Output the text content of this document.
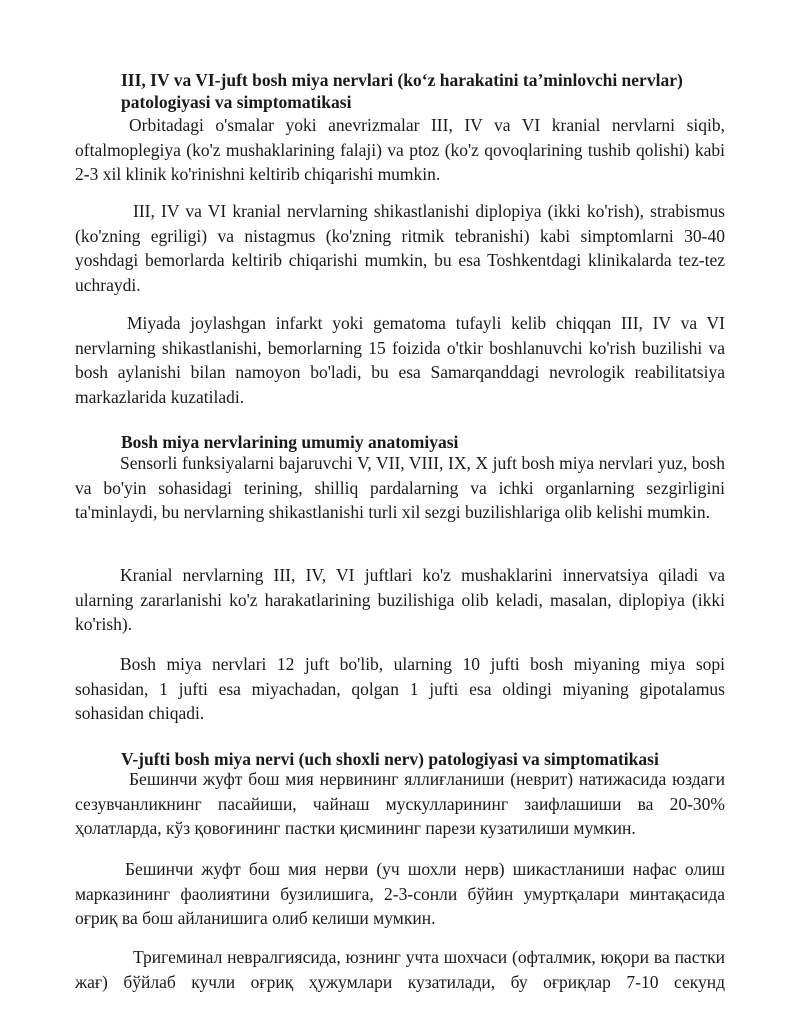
III, IV va VI-juft bosh miya nervlari (ko‘z harakatini ta’minlovchi nervlar) patologiyasi va simptomatikasi

Orbitadagi o'smalar yoki anevrizmalar III, IV va VI kranial nervlarni siqib, oftalmoplegiya (ko'z mushaklarining falaji) va ptoz (ko'z qovoqlarining tushib qolishi) kabi 2-3 xil klinik ko'rinishni keltirib chiqarishi mumkin.

III, IV va VI kranial nervlarning shikastlanishi diplopiya (ikki ko'rish), strabismus (ko'zning egriligi) va nistagmus (ko'zning ritmik tebranishi) kabi simptomlarni 30-40 yoshdagi bemorlarda keltirib chiqarishi mumkin, bu esa Toshkentdagi klinikalarda tez-tez uchraydi.

Miyada joylashgan infarkt yoki gematoma tufayli kelib chiqqan III, IV va VI nervlarning shikastlanishi, bemorlarning 15 foizida o'tkir boshlanuvchi ko'rish buzilishi va bosh aylanishi bilan namoyon bo'ladi, bu esa Samarqanddagi nevrologik reabilitatsiya markazlarida kuzatiladi.

Bosh miya nervlarining umumiy anatomiyasi

Sensorli funksiyalarni bajaruvchi V, VII, VIII, IX, X juft bosh miya nervlari yuz, bosh va bo'yin sohasidagi terining, shilliq pardalarning va ichki organlarning sezgirligini ta'minlaydi, bu nervlarning shikastlanishi turli xil sezgi buzilishlariga olib kelishi mumkin.

Kranial nervlarning III, IV, VI juftlari ko'z mushaklarini innervatsiya qiladi va ularning zararlanishi ko'z harakatlarining buzilishiga olib keladi, masalan, diplopiya (ikki ko'rish).

Bosh miya nervlari 12 juft bo'lib, ularning 10 jufti bosh miyaning miya sopi sohasidan, 1 jufti esa miyachadan, qolgan 1 jufti esa oldingi miyaning gipotalamus sohasidan chiqadi.

V-jufti bosh miya nervi (uch shoxli nerv) patologiyasi va simptomatikasi

Бешинчи жуфт бош мия нервининг яллиғланиши (неврит) натижасида юздаги сезувчанликнинг пасайиши, чайнаш мускулларининг заифлашиши ва 20-30% ҳолатларда, кўз қовоғининг пастки қисмининг парези кузатилиши мумкин.

Бешинчи жуфт бош мия нерви (уч шохли нерв) шикастланиши нафас олиш марказининг фаолиятини бузилишига, 2-3-сонли бўйин умуртқалари минтақасида оғриқ ва бош айланишига олиб келиши мумкин.

Тригеминал невралгиясида, юзнинг учта шохчаси (офталмик, юқори ва пастки жағ) бўйлаб кучли оғриқ ҳужумлари кузатилади, бу оғриқлар 7-10 секунд
